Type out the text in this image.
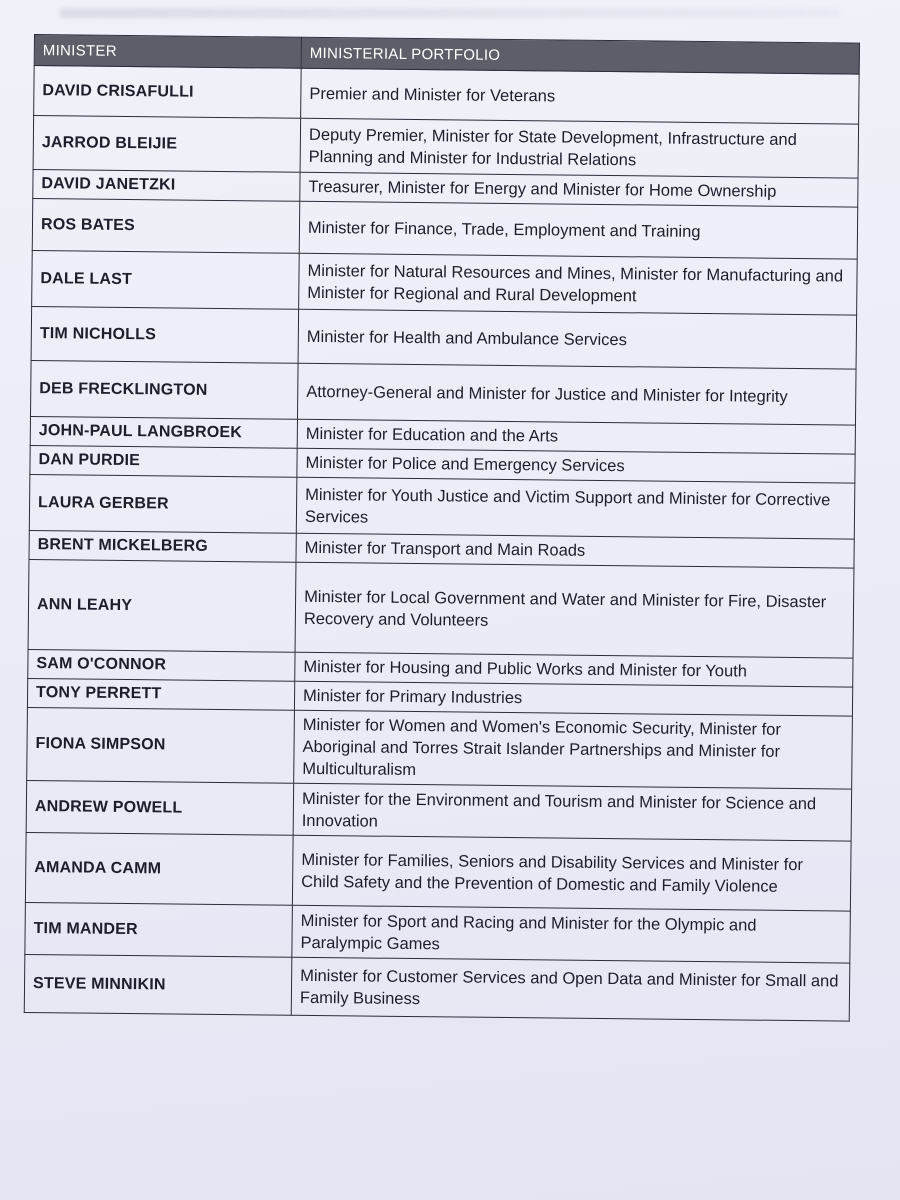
MINISTER	MINISTERIAL PORTFOLIO
DAVID CRISAFULLI	Premier and Minister for Veterans
JARROD BLEIJIE	Deputy Premier, Minister for State Development, Infrastructure and Planning and Minister for Industrial Relations
DAVID JANETZKI	Treasurer, Minister for Energy and Minister for Home Ownership
ROS BATES	Minister for Finance, Trade, Employment and Training
DALE LAST	Minister for Natural Resources and Mines, Minister for Manufacturing and Minister for Regional and Rural Development
TIM NICHOLLS	Minister for Health and Ambulance Services
DEB FRECKLINGTON	Attorney-General and Minister for Justice and Minister for Integrity
JOHN-PAUL LANGBROEK	Minister for Education and the Arts
DAN PURDIE	Minister for Police and Emergency Services
LAURA GERBER	Minister for Youth Justice and Victim Support and Minister for Corrective Services
BRENT MICKELBERG	Minister for Transport and Main Roads
ANN LEAHY	Minister for Local Government and Water and Minister for Fire, Disaster Recovery and Volunteers
SAM O'CONNOR	Minister for Housing and Public Works and Minister for Youth
TONY PERRETT	Minister for Primary Industries
FIONA SIMPSON	Minister for Women and Women's Economic Security, Minister for Aboriginal and Torres Strait Islander Partnerships and Minister for Multiculturalism
ANDREW POWELL	Minister for the Environment and Tourism and Minister for Science and Innovation
AMANDA CAMM	Minister for Families, Seniors and Disability Services and Minister for Child Safety and the Prevention of Domestic and Family Violence
TIM MANDER	Minister for Sport and Racing and Minister for the Olympic and Paralympic Games
STEVE MINNIKIN	Minister for Customer Services and Open Data and Minister for Small and Family Business
